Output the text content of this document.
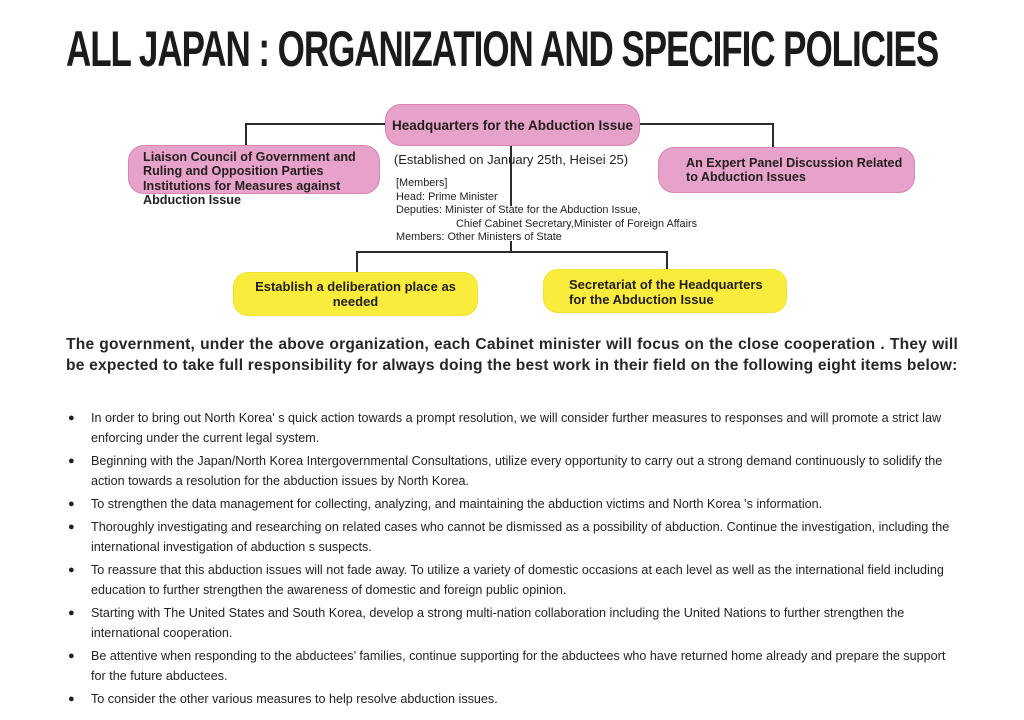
ALL JAPAN : ORGANIZATION AND SPECIFIC POLICIES
Headquarters for the Abduction Issue
(Established on January 25th, Heisei 25)
[Members]
Head: Prime Minister
Deputies: Minister of State for the Abduction Issue,
Chief Cabinet Secretary,Minister of Foreign Affairs
Members: Other Ministers of State
Liaison Council of Government and Ruling and Opposition Parties Institutions for Measures against Abduction Issue
An Expert Panel Discussion Related to Abduction Issues
Establish a deliberation place as needed
Secretariat of the Headquarters for the Abduction Issue

The government, under the above organization, each Cabinet minister will focus on the close cooperation . They will be expected to take full responsibility for always doing the best work in their field on the following eight items below:

● In order to bring out North Korea' s quick action towards a prompt resolution, we will consider further measures to responses and will promote a strict law enforcing under the current legal system.
● Beginning with the Japan/North Korea Intergovernmental Consultations, utilize every opportunity to carry out a strong demand continuously to solidify the action towards a resolution for the abduction issues by North Korea.
● To strengthen the data management for collecting, analyzing, and maintaining the abduction victims and North Korea 's information.
● Thoroughly investigating and researching on related cases who cannot be dismissed as a possibility of abduction. Continue the investigation, including the international investigation of abduction s suspects.
● To reassure that this abduction issues will not fade away. To utilize a variety of domestic occasions at each level as well as the international field including education to further strengthen the awareness of domestic and foreign public opinion.
● Starting with The United States and South Korea, develop a strong multi-nation collaboration including the United Nations to further strengthen the international cooperation.
● Be attentive when responding to the abductees’ families, continue supporting for the abductees who have returned home already and prepare the support for the future abductees.
● To consider the other various measures to help resolve abduction issues.
